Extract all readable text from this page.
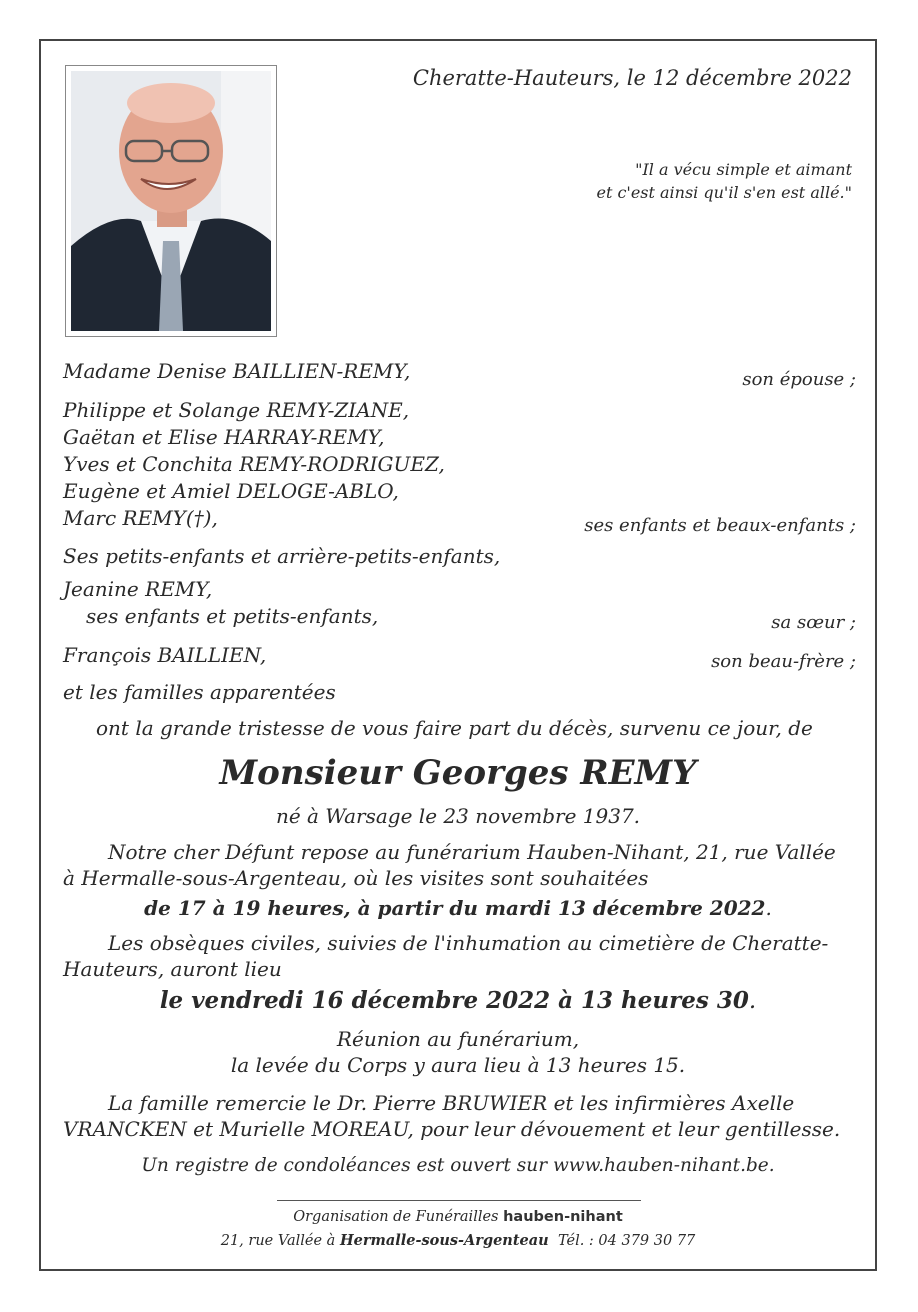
Cheratte-Hauteurs, le 12 décembre 2022
"Il a vécu simple et aimant
et c'est ainsi qu'il s'en est allé."
Madame Denise BAILLIEN-REMY,	son épouse ;
Philippe et Solange REMY-ZIANE,
Gaëtan et Elise HARRAY-REMY,
Yves et Conchita REMY-RODRIGUEZ,
Eugène et Amiel DELOGE-ABLO,
Marc REMY(†),	ses enfants et beaux-enfants ;
Ses petits-enfants et arrière-petits-enfants,
Jeanine REMY,
ses enfants et petits-enfants,	sa sœur ;
François BAILLIEN,	son beau-frère ;
et les familles apparentées
ont la grande tristesse de vous faire part du décès, survenu ce jour, de
Monsieur Georges REMY
né à Warsage le 23 novembre 1937.
Notre cher Défunt repose au funérarium Hauben-Nihant, 21, rue Vallée
à Hermalle-sous-Argenteau, où les visites sont souhaitées
de 17 à 19 heures, à partir du mardi 13 décembre 2022.
Les obsèques civiles, suivies de l'inhumation au cimetière de Cheratte-
Hauteurs, auront lieu
le vendredi 16 décembre 2022 à 13 heures 30.
Réunion au funérarium,
la levée du Corps y aura lieu à 13 heures 15.
La famille remercie le Dr. Pierre BRUWIER et les infirmières Axelle
VRANCKEN et Murielle MOREAU, pour leur dévouement et leur gentillesse.
Un registre de condoléances est ouvert sur www.hauben-nihant.be.
Organisation de Funérailles hauben-nihant
21, rue Vallée à Hermalle-sous-Argenteau Tél. : 04 379 30 77
